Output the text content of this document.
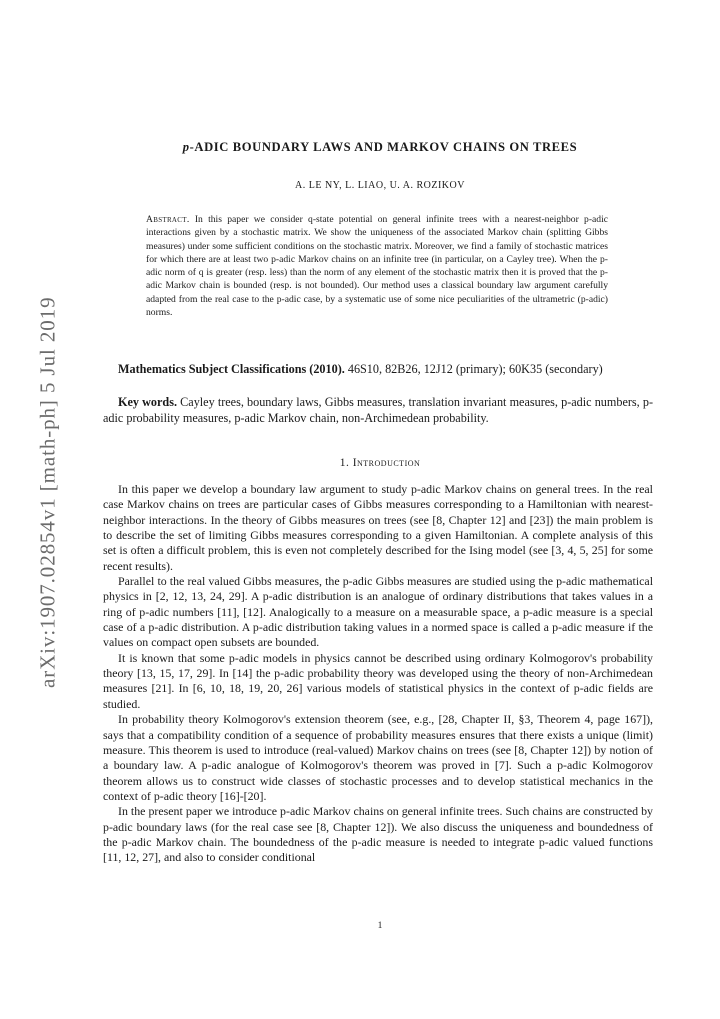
arXiv:1907.02854v1 [math-ph] 5 Jul 2019
p-ADIC BOUNDARY LAWS AND MARKOV CHAINS ON TREES
A. LE NY, L. LIAO, U. A. ROZIKOV
Abstract. In this paper we consider q-state potential on general infinite trees with a nearest-neighbor p-adic interactions given by a stochastic matrix. We show the uniqueness of the associated Markov chain (splitting Gibbs measures) under some sufficient conditions on the stochastic matrix. Moreover, we find a family of stochastic matrices for which there are at least two p-adic Markov chains on an infinite tree (in particular, on a Cayley tree). When the p-adic norm of q is greater (resp. less) than the norm of any element of the stochastic matrix then it is proved that the p-adic Markov chain is bounded (resp. is not bounded). Our method uses a classical boundary law argument carefully adapted from the real case to the p-adic case, by a systematic use of some nice peculiarities of the ultrametric (p-adic) norms.
Mathematics Subject Classifications (2010). 46S10, 82B26, 12J12 (primary); 60K35 (secondary)
Key words. Cayley trees, boundary laws, Gibbs measures, translation invariant measures, p-adic numbers, p-adic probability measures, p-adic Markov chain, non-Archimedean probability.
1. Introduction

In this paper we develop a boundary law argument to study p-adic Markov chains on general trees. In the real case Markov chains on trees are particular cases of Gibbs measures corresponding to a Hamiltonian with nearest-neighbor interactions. In the theory of Gibbs measures on trees (see [8, Chapter 12] and [23]) the main problem is to describe the set of limiting Gibbs measures corresponding to a given Hamiltonian. A complete analysis of this set is often a difficult problem, this is even not completely described for the Ising model (see [3, 4, 5, 25] for some recent results).

Parallel to the real valued Gibbs measures, the p-adic Gibbs measures are studied using the p-adic mathematical physics in [2, 12, 13, 24, 29]. A p-adic distribution is an analogue of ordinary distributions that takes values in a ring of p-adic numbers [11], [12]. Analogically to a measure on a measurable space, a p-adic measure is a special case of a p-adic distribution. A p-adic distribution taking values in a normed space is called a p-adic measure if the values on compact open subsets are bounded.

It is known that some p-adic models in physics cannot be described using ordinary Kolmogorov's probability theory [13, 15, 17, 29]. In [14] the p-adic probability theory was developed using the theory of non-Archimedean measures [21]. In [6, 10, 18, 19, 20, 26] various models of statistical physics in the context of p-adic fields are studied.

In probability theory Kolmogorov's extension theorem (see, e.g., [28, Chapter II, §3, Theorem 4, page 167]), says that a compatibility condition of a sequence of probability measures ensures that there exists a unique (limit) measure. This theorem is used to introduce (real-valued) Markov chains on trees (see [8, Chapter 12]) by notion of a boundary law. A p-adic analogue of Kolmogorov's theorem was proved in [7]. Such a p-adic Kolmogorov theorem allows us to construct wide classes of stochastic processes and to develop statistical mechanics in the context of p-adic theory [16]-[20].

In the present paper we introduce p-adic Markov chains on general infinite trees. Such chains are constructed by p-adic boundary laws (for the real case see [8, Chapter 12]). We also discuss the uniqueness and boundedness of the p-adic Markov chain. The boundedness of the p-adic measure is needed to integrate p-adic valued functions [11, 12, 27], and also to consider conditional

1
